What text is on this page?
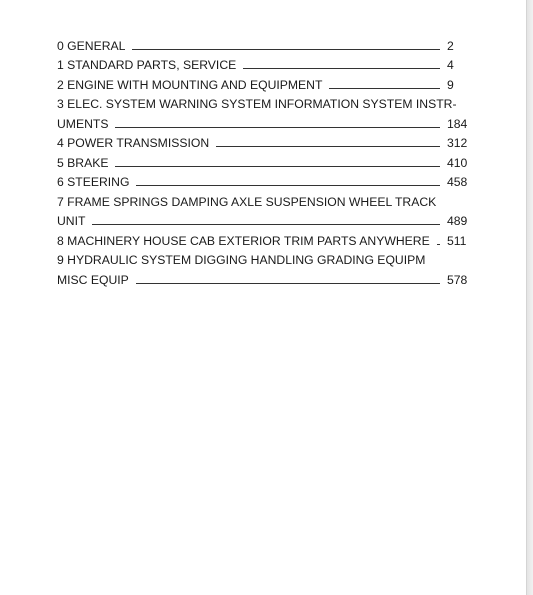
0 GENERAL	2
1 STANDARD PARTS, SERVICE	4
2 ENGINE WITH MOUNTING AND EQUIPMENT	9
3 ELEC. SYSTEM WARNING SYSTEM INFORMATION SYSTEM INSTR-
UMENTS	184
4 POWER TRANSMISSION	312
5 BRAKE	410
6 STEERING	458
7 FRAME SPRINGS DAMPING AXLE SUSPENSION WHEEL TRACK
UNIT	489
8 MACHINERY HOUSE CAB EXTERIOR TRIM PARTS ANYWHERE 511
9 HYDRAULIC SYSTEM DIGGING HANDLING GRADING EQUIPM
MISC EQUIP	578
